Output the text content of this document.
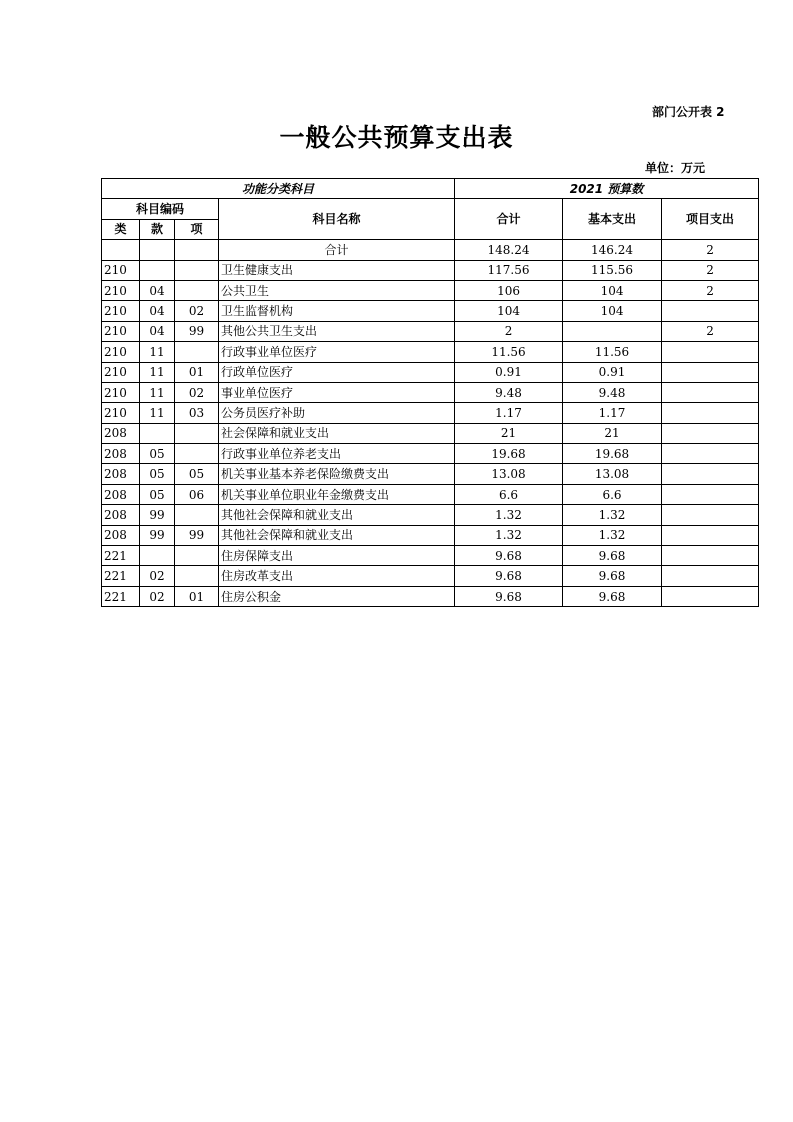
部门公开表 2
一般公共预算支出表
单位：万元
功能分类科目				2021 预算数		
科目编码			科目名称	合计	基本支出	项目支出
类	款	项				
			合计	148.24	146.24	2
210			卫生健康支出	117.56	115.56	2
210	04		公共卫生	106	104	2
210	04	02	卫生监督机构	104	104	
210	04	99	其他公共卫生支出	2		2
210	11		行政事业单位医疗	11.56	11.56	
210	11	01	行政单位医疗	0.91	0.91	
210	11	02	事业单位医疗	9.48	9.48	
210	11	03	公务员医疗补助	1.17	1.17	
208			社会保障和就业支出	21	21	
208	05		行政事业单位养老支出	19.68	19.68	
208	05	05	机关事业基本养老保险缴费支出	13.08	13.08	
208	05	06	机关事业单位职业年金缴费支出	6.6	6.6	
208	99		其他社会保障和就业支出	1.32	1.32	
208	99	99	其他社会保障和就业支出	1.32	1.32	
221			住房保障支出	9.68	9.68	
221	02		住房改革支出	9.68	9.68	
221	02	01	住房公积金	9.68	9.68	
